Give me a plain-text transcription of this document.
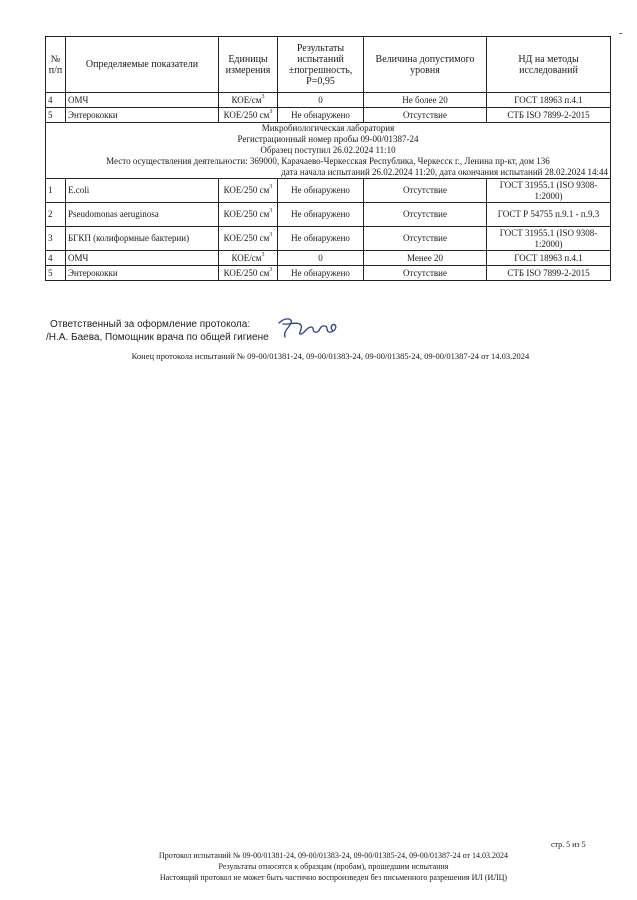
-
№ п/п	Определяемые показатели	Единицы измерения	Результаты испытаний ±погрешность, P=0,95	Величина допустимого уровня	НД на методы исследований
4	ОМЧ	КОЕ/$см^3$	0	Не более 20	ГОСТ 18963 п.4.1
5	Энтерококки	КОЕ/250 $см^3$	Не обнаружено	Отсутствие	СТБ ISO 7899-2-2015

Микробиологическая лаборатория
Регистрационный номер пробы 09-00/01387-24
Образец поступил 26.02.2024 11:10
Место осуществления деятельности: 369000, Карачаево-Черкесская Республика, Черкесск г., Ленина пр-кт, дом 136
дата начала испытаний 26.02.2024 11:20, дата окончания испытаний 28.02.2024 14:44					

1	E.coli	КОЕ/250 $см^3$	Не обнаружено	Отсутствие	ГОСТ 31955.1 (ISO 9308-1:2000)
2	Pseudomonas aeruginosa	КОЕ/250 $см^3$	Не обнаружено	Отсутствие	ГОСТ Р 54755 п.9.1 - п.9.3
3	БГКП (колиформные бактерии)	КОЕ/250 $см^3$	Не обнаружено	Отсутствие	ГОСТ 31955.1 (ISO 9308-1:2000)
4	ОМЧ	КОЕ/$см^3$	0	Менее 20	ГОСТ 18963 п.4.1
5	Энтерококки	КОЕ/250 $см^3$	Не обнаружено	Отсутствие	СТБ ISO 7899-2-2015
Ответственный за оформление протокола:
/Н.А. Баева, Помощник врача по общей гигиене
Конец протокола испытаний № 09-00/01381-24, 09-00/01383-24, 09-00/01385-24, 09-00/01387-24 от 14.03.2024
стр. 5 из 5
Протокол испытаний № 09-00/01381-24, 09-00/01383-24, 09-00/01385-24, 09-00/01387-24 от 14.03.2024
Результаты относятся к образцам (пробам), прошедшим испытания
Настоящий протокол не может быть частично воспроизведен без письменного разрешения ИЛ (ИЛЦ)
